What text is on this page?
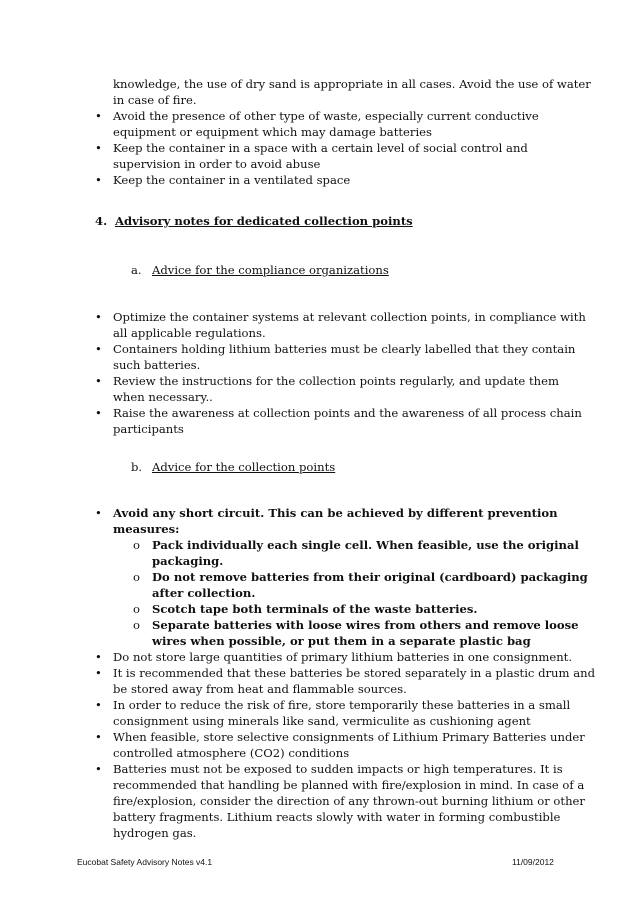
knowledge, the use of dry sand is appropriate in all cases. Avoid the use of water
in case of fire.
• Avoid the presence of other type of waste, especially current conductive
equipment or equipment which may damage batteries
• Keep the container in a space with a certain level of social control and
supervision in order to avoid abuse
• Keep the container in a ventilated space
4. Advisory notes for dedicated collection points
a. Advice for the compliance organizations
• Optimize the container systems at relevant collection points, in compliance with
all applicable regulations.
• Containers holding lithium batteries must be clearly labelled that they contain
such batteries.
• Review the instructions for the collection points regularly, and update them
when necessary..
• Raise the awareness at collection points and the awareness of all process chain
participants
b. Advice for the collection points
• Avoid any short circuit. This can be achieved by different prevention
measures:
o Pack individually each single cell. When feasible, use the original
packaging.
o Do not remove batteries from their original (cardboard) packaging
after collection.
o Scotch tape both terminals of the waste batteries.
o Separate batteries with loose wires from others and remove loose
wires when possible, or put them in a separate plastic bag
• Do not store large quantities of primary lithium batteries in one consignment.
• It is recommended that these batteries be stored separately in a plastic drum and
be stored away from heat and flammable sources.
• In order to reduce the risk of fire, store temporarily these batteries in a small
consignment using minerals like sand, vermiculite as cushioning agent
• When feasible, store selective consignments of Lithium Primary Batteries under
controlled atmosphere (CO2) conditions
• Batteries must not be exposed to sudden impacts or high temperatures. It is
recommended that handling be planned with fire/explosion in mind. In case of a
fire/explosion, consider the direction of any thrown-out burning lithium or other
battery fragments. Lithium reacts slowly with water in forming combustible
hydrogen gas.
Eucobat Safety Advisory Notes v4.1	11/09/2012
